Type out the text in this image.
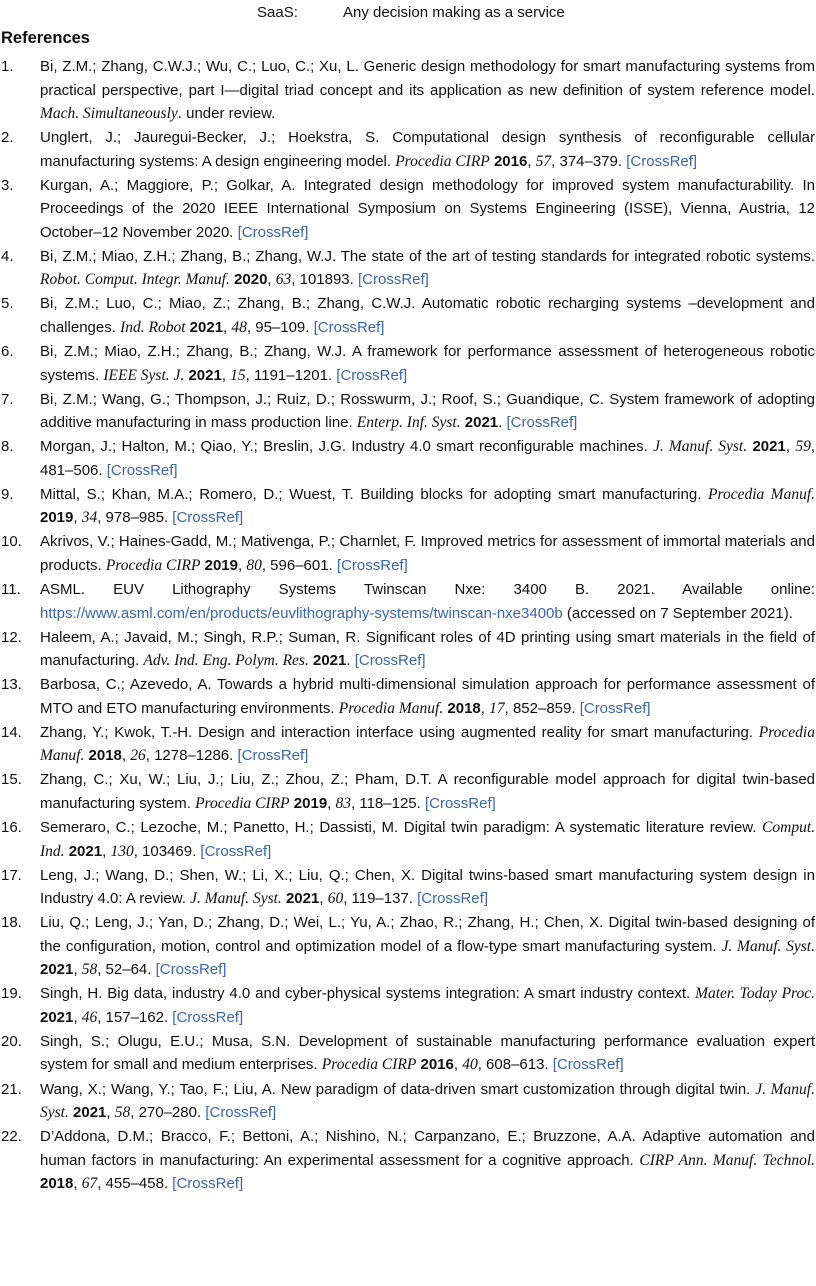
SaaS:	Any decision making as a service
References
1. Bi, Z.M.; Zhang, C.W.J.; Wu, C.; Luo, C.; Xu, L. Generic design methodology for smart manufacturing systems from practical perspective, part I—digital triad concept and its application as new definition of system reference model. Mach. Simultaneously. under review.
2. Unglert, J.; Jauregui-Becker, J.; Hoekstra, S. Computational design synthesis of reconfigurable cellular manufacturing systems: A design engineering model. Procedia CIRP 2016, 57, 374–379. [CrossRef]
3. Kurgan, A.; Maggiore, P.; Golkar, A. Integrated design methodology for improved system manufacturability. In Proceedings of the 2020 IEEE International Symposium on Systems Engineering (ISSE), Vienna, Austria, 12 October–12 November 2020. [CrossRef]
4. Bi, Z.M.; Miao, Z.H.; Zhang, B.; Zhang, W.J. The state of the art of testing standards for integrated robotic systems. Robot. Comput. Integr. Manuf. 2020, 63, 101893. [CrossRef]
5. Bi, Z.M.; Luo, C.; Miao, Z.; Zhang, B.; Zhang, C.W.J. Automatic robotic recharging systems –development and challenges. Ind. Robot 2021, 48, 95–109. [CrossRef]
6. Bi, Z.M.; Miao, Z.H.; Zhang, B.; Zhang, W.J. A framework for performance assessment of heterogeneous robotic systems. IEEE Syst. J. 2021, 15, 1191–1201. [CrossRef]
7. Bi, Z.M.; Wang, G.; Thompson, J.; Ruiz, D.; Rosswurm, J.; Roof, S.; Guandique, C. System framework of adopting additive manufacturing in mass production line. Enterp. Inf. Syst. 2021. [CrossRef]
8. Morgan, J.; Halton, M.; Qiao, Y.; Breslin, J.G. Industry 4.0 smart reconfigurable machines. J. Manuf. Syst. 2021, 59, 481–506. [CrossRef]
9. Mittal, S.; Khan, M.A.; Romero, D.; Wuest, T. Building blocks for adopting smart manufacturing. Procedia Manuf. 2019, 34, 978–985. [CrossRef]
10. Akrivos, V.; Haines-Gadd, M.; Mativenga, P.; Charnlet, F. Improved metrics for assessment of immortal materials and products. Procedia CIRP 2019, 80, 596–601. [CrossRef]
11. ASML. EUV Lithography Systems Twinscan Nxe: 3400 B. 2021. Available online: https://www.asml.com/en/products/euvlithography-systems/twinscan-nxe3400b (accessed on 7 September 2021).
12. Haleem, A.; Javaid, M.; Singh, R.P.; Suman, R. Significant roles of 4D printing using smart materials in the field of manufacturing. Adv. Ind. Eng. Polym. Res. 2021. [CrossRef]
13. Barbosa, C.; Azevedo, A. Towards a hybrid multi-dimensional simulation approach for performance assessment of MTO and ETO manufacturing environments. Procedia Manuf. 2018, 17, 852–859. [CrossRef]
14. Zhang, Y.; Kwok, T.-H. Design and interaction interface using augmented reality for smart manufacturing. Procedia Manuf. 2018, 26, 1278–1286. [CrossRef]
15. Zhang, C.; Xu, W.; Liu, J.; Liu, Z.; Zhou, Z.; Pham, D.T. A reconfigurable model approach for digital twin-based manufacturing system. Procedia CIRP 2019, 83, 118–125. [CrossRef]
16. Semeraro, C.; Lezoche, M.; Panetto, H.; Dassisti, M. Digital twin paradigm: A systematic literature review. Comput. Ind. 2021, 130, 103469. [CrossRef]
17. Leng, J.; Wang, D.; Shen, W.; Li, X.; Liu, Q.; Chen, X. Digital twins-based smart manufacturing system design in Industry 4.0: A review. J. Manuf. Syst. 2021, 60, 119–137. [CrossRef]
18. Liu, Q.; Leng, J.; Yan, D.; Zhang, D.; Wei, L.; Yu, A.; Zhao, R.; Zhang, H.; Chen, X. Digital twin-based designing of the configuration, motion, control and optimization model of a flow-type smart manufacturing system. J. Manuf. Syst. 2021, 58, 52–64. [CrossRef]
19. Singh, H. Big data, industry 4.0 and cyber-physical systems integration: A smart industry context. Mater. Today Proc. 2021, 46, 157–162. [CrossRef]
20. Singh, S.; Olugu, E.U.; Musa, S.N. Development of sustainable manufacturing performance evaluation expert system for small and medium enterprises. Procedia CIRP 2016, 40, 608–613. [CrossRef]
21. Wang, X.; Wang, Y.; Tao, F.; Liu, A. New paradigm of data-driven smart customization through digital twin. J. Manuf. Syst. 2021, 58, 270–280. [CrossRef]
22. D’Addona, D.M.; Bracco, F.; Bettoni, A.; Nishino, N.; Carpanzano, E.; Bruzzone, A.A. Adaptive automation and human factors in manufacturing: An experimental assessment for a cognitive approach. CIRP Ann. Manuf. Technol. 2018, 67, 455–458. [CrossRef]
